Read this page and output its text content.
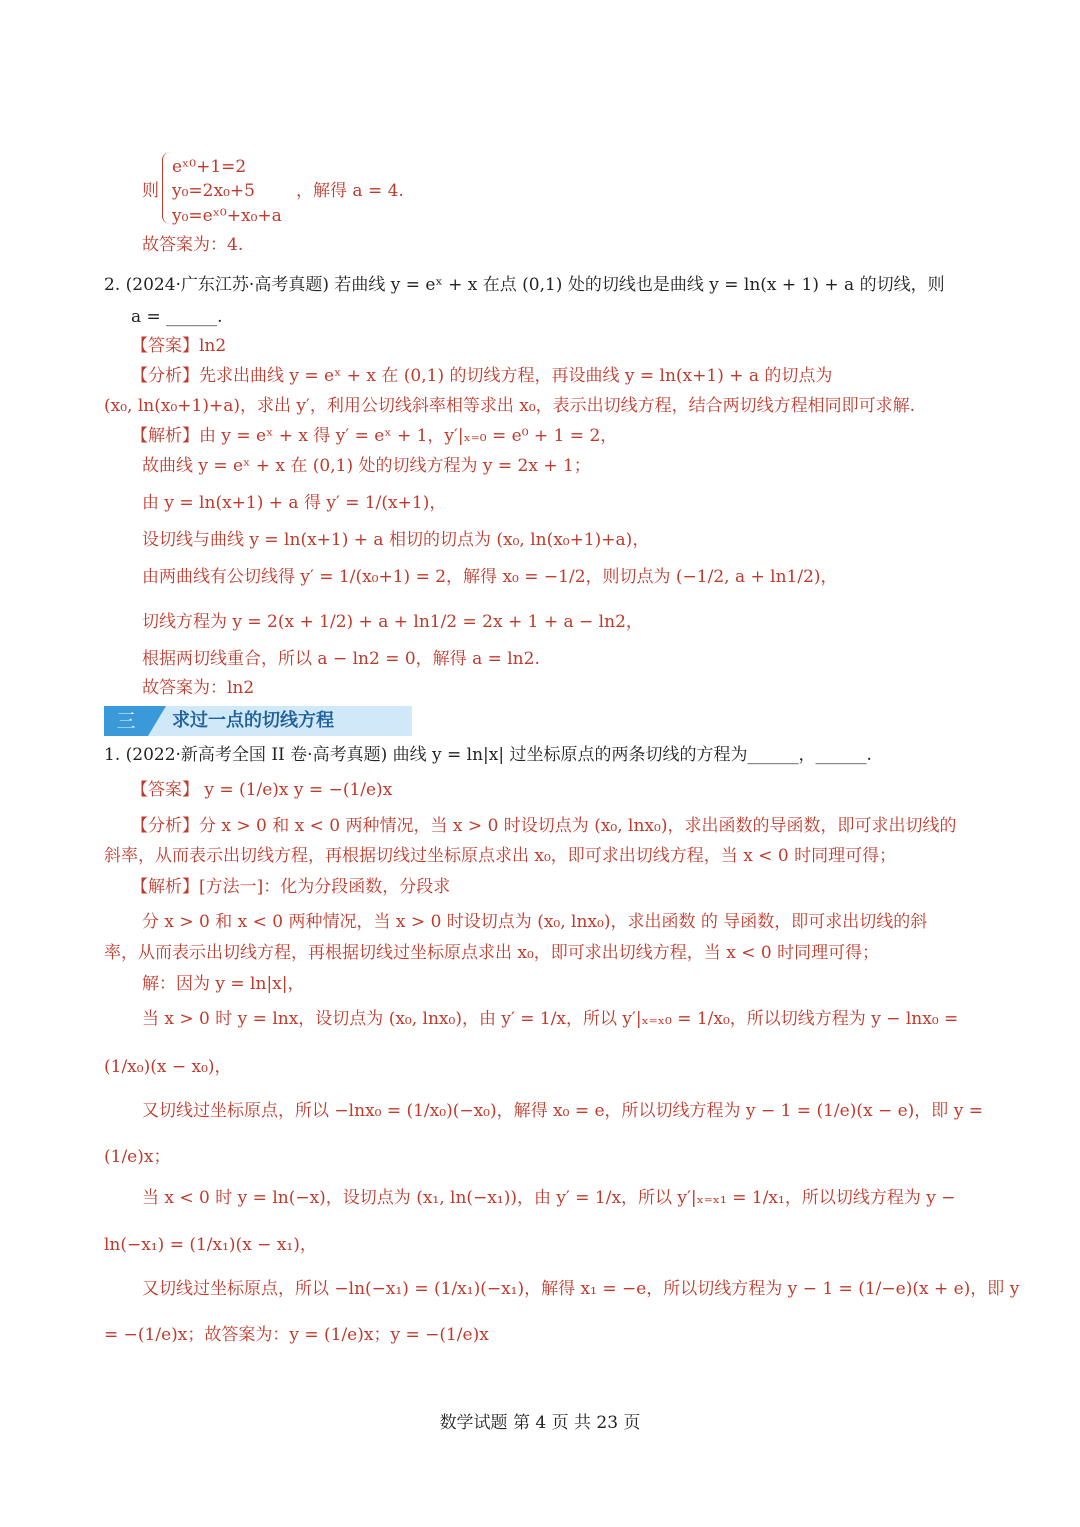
三	求过一点的切线方程
eˣ⁰+1=2
则 y₀=2x₀+5 ，解得 a = 4.
y₀=eˣ⁰+x₀+a
故答案为：4.
2. (2024·广东江苏·高考真题) 若曲线 y = eˣ + x 在点 (0,1) 处的切线也是曲线 y = ln(x + 1) + a 的切线，则
a = ______.
【答案】ln2
【分析】先求出曲线 y = eˣ + x 在 (0,1) 的切线方程，再设曲线 y = ln(x+1) + a 的切点为
(x₀, ln(x₀+1)+a)，求出 y′，利用公切线斜率相等求出 x₀，表示出切线方程，结合两切线方程相同即可求解.
【解析】由 y = eˣ + x 得 y′ = eˣ + 1，y′|ₓ₌₀ = e⁰ + 1 = 2，
故曲线 y = eˣ + x 在 (0,1) 处的切线方程为 y = 2x + 1；
由 y = ln(x+1) + a 得 y′ = 1/(x+1)，
设切线与曲线 y = ln(x+1) + a 相切的切点为 (x₀, ln(x₀+1)+a)，
由两曲线有公切线得 y′ = 1/(x₀+1) = 2，解得 x₀ = −1/2，则切点为 (−1/2, a + ln1/2)，
切线方程为 y = 2(x + 1/2) + a + ln1/2 = 2x + 1 + a − ln2，
根据两切线重合，所以 a − ln2 = 0，解得 a = ln2.
故答案为：ln2
1. (2022·新高考全国 II 卷·高考真题) 曲线 y = ln|x| 过坐标原点的两条切线的方程为______，______.
【答案】 y = (1/e)x y = −(1/e)x
【分析】分 x > 0 和 x < 0 两种情况，当 x > 0 时设切点为 (x₀, lnx₀)，求出函数的导函数，即可求出切线的
斜率，从而表示出切线方程，再根据切线过坐标原点求出 x₀，即可求出切线方程，当 x < 0 时同理可得；
【解析】[方法一]：化为分段函数，分段求
分 x > 0 和 x < 0 两种情况，当 x > 0 时设切点为 (x₀, lnx₀)，求出函数 的 导函数，即可求出切线的斜
率，从而表示出切线方程，再根据切线过坐标原点求出 x₀，即可求出切线方程，当 x < 0 时同理可得；
解：因为 y = ln|x|，
当 x > 0 时 y = lnx，设切点为 (x₀, lnx₀)，由 y′ = 1/x，所以 y′|ₓ₌ₓ₀ = 1/x₀，所以切线方程为 y − lnx₀ =
(1/x₀)(x − x₀)，
又切线过坐标原点，所以 −lnx₀ = (1/x₀)(−x₀)，解得 x₀ = e，所以切线方程为 y − 1 = (1/e)(x − e)，即 y =
(1/e)x；
当 x < 0 时 y = ln(−x)，设切点为 (x₁, ln(−x₁))，由 y′ = 1/x，所以 y′|ₓ₌ₓ₁ = 1/x₁，所以切线方程为 y −
ln(−x₁) = (1/x₁)(x − x₁)，
又切线过坐标原点，所以 −ln(−x₁) = (1/x₁)(−x₁)，解得 x₁ = −e，所以切线方程为 y − 1 = (1/−e)(x + e)，即 y
= −(1/e)x；故答案为：y = (1/e)x；y = −(1/e)x
数学试题 第 4 页 共 23 页
